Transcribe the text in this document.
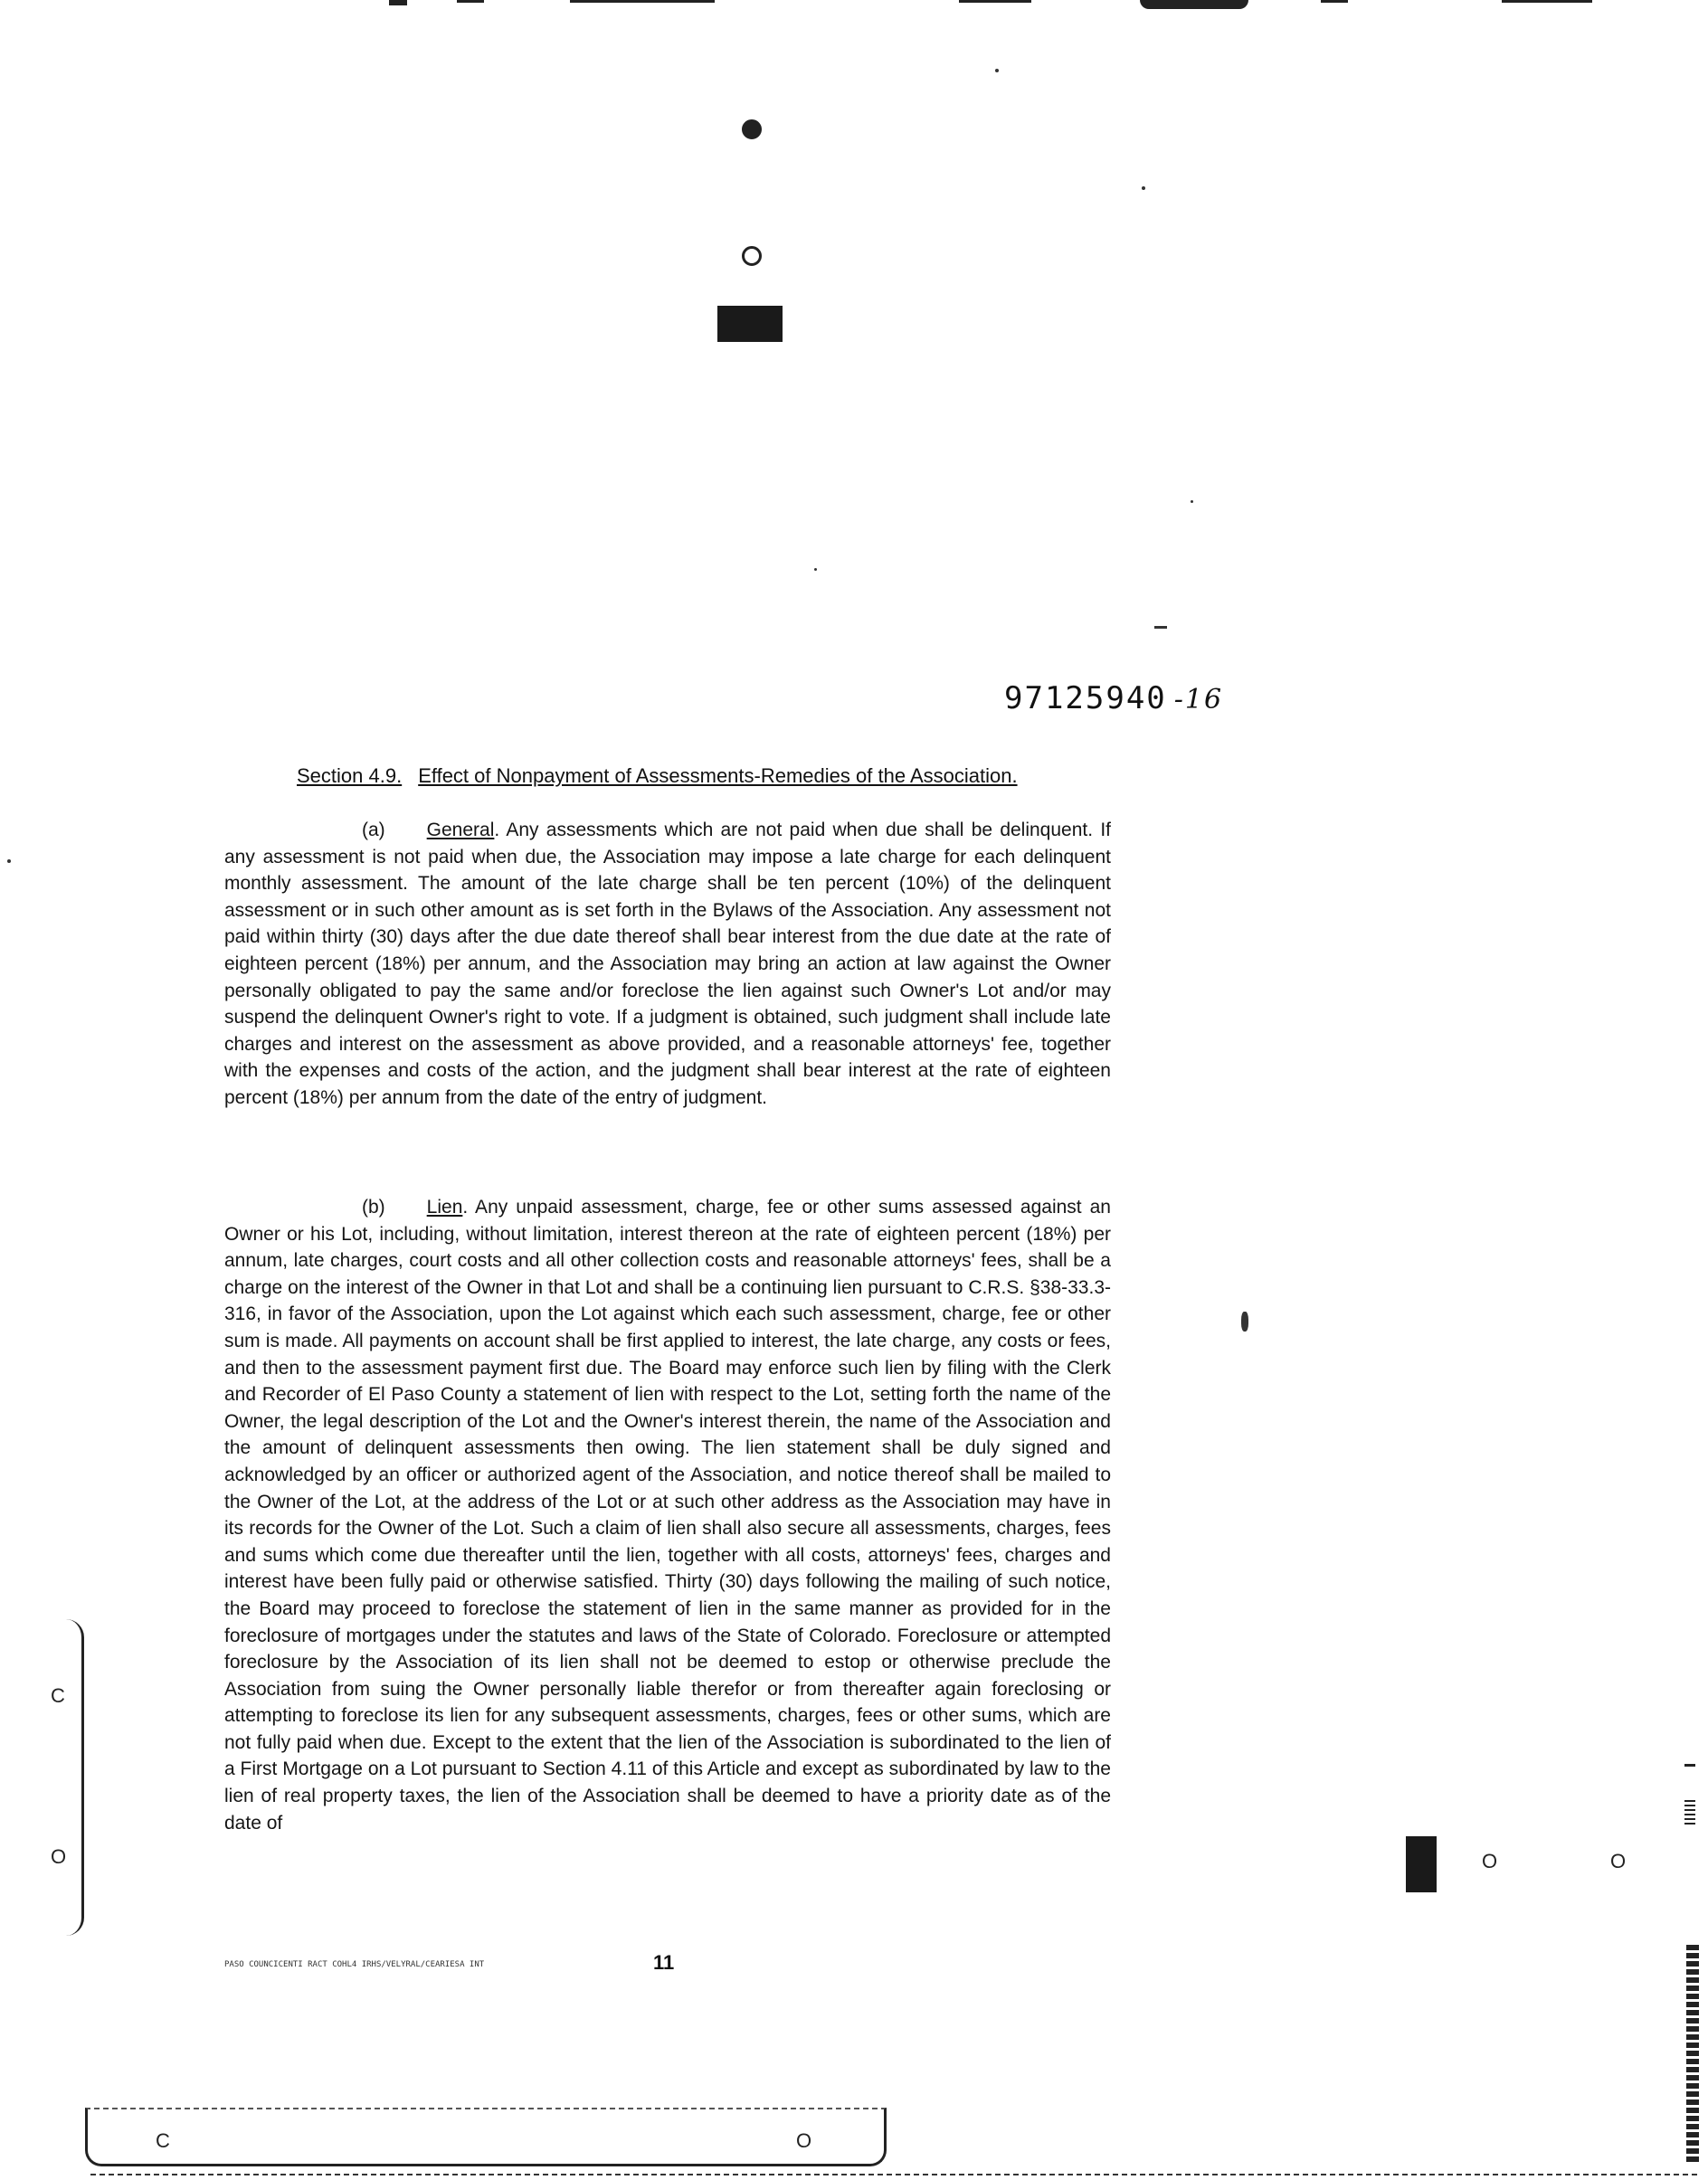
97125940 -16
Section 4.9. Effect of Nonpayment of Assessments-Remedies of the Association.
(a) General. Any assessments which are not paid when due shall be delinquent. If any assessment is not paid when due, the Association may impose a late charge for each delinquent monthly assessment. The amount of the late charge shall be ten percent (10%) of the delinquent assessment or in such other amount as is set forth in the Bylaws of the Association. Any assessment not paid within thirty (30) days after the due date thereof shall bear interest from the due date at the rate of eighteen percent (18%) per annum, and the Association may bring an action at law against the Owner personally obligated to pay the same and/or foreclose the lien against such Owner's Lot and/or may suspend the delinquent Owner's right to vote. If a judgment is obtained, such judgment shall include late charges and interest on the assessment as above provided, and a reasonable attorneys' fee, together with the expenses and costs of the action, and the judgment shall bear interest at the rate of eighteen percent (18%) per annum from the date of the entry of judgment.
(b) Lien. Any unpaid assessment, charge, fee or other sums assessed against an Owner or his Lot, including, without limitation, interest thereon at the rate of eighteen percent (18%) per annum, late charges, court costs and all other collection costs and reasonable attorneys' fees, shall be a charge on the interest of the Owner in that Lot and shall be a continuing lien pursuant to C.R.S. §38-33.3-316, in favor of the Association, upon the Lot against which each such assessment, charge, fee or other sum is made. All payments on account shall be first applied to interest, the late charge, any costs or fees, and then to the assessment payment first due. The Board may enforce such lien by filing with the Clerk and Recorder of El Paso County a statement of lien with respect to the Lot, setting forth the name of the Owner, the legal description of the Lot and the Owner's interest therein, the name of the Association and the amount of delinquent assessments then owing. The lien statement shall be duly signed and acknowledged by an officer or authorized agent of the Association, and notice thereof shall be mailed to the Owner of the Lot, at the address of the Lot or at such other address as the Association may have in its records for the Owner of the Lot. Such a claim of lien shall also secure all assessments, charges, fees and sums which come due thereafter until the lien, together with all costs, attorneys' fees, charges and interest have been fully paid or otherwise satisfied. Thirty (30) days following the mailing of such notice, the Board may proceed to foreclose the statement of lien in the same manner as provided for in the foreclosure of mortgages under the statutes and laws of the State of Colorado. Foreclosure or attempted foreclosure by the Association of its lien shall not be deemed to estop or otherwise preclude the Association from suing the Owner personally liable therefor or from thereafter again foreclosing or attempting to foreclose its lien for any subsequent assessments, charges, fees or other sums, which are not fully paid when due. Except to the extent that the lien of the Association is subordinated to the lien of a First Mortgage on a Lot pursuant to Section 4.11 of this Article and except as subordinated by law to the lien of real property taxes, the lien of the Association shall be deemed to have a priority date as of the date of
PASO COUNCICENTI RACT COHL4 IRHS/VELYRAL/CEARIESA INT	11
C
O	O	O
C	O
